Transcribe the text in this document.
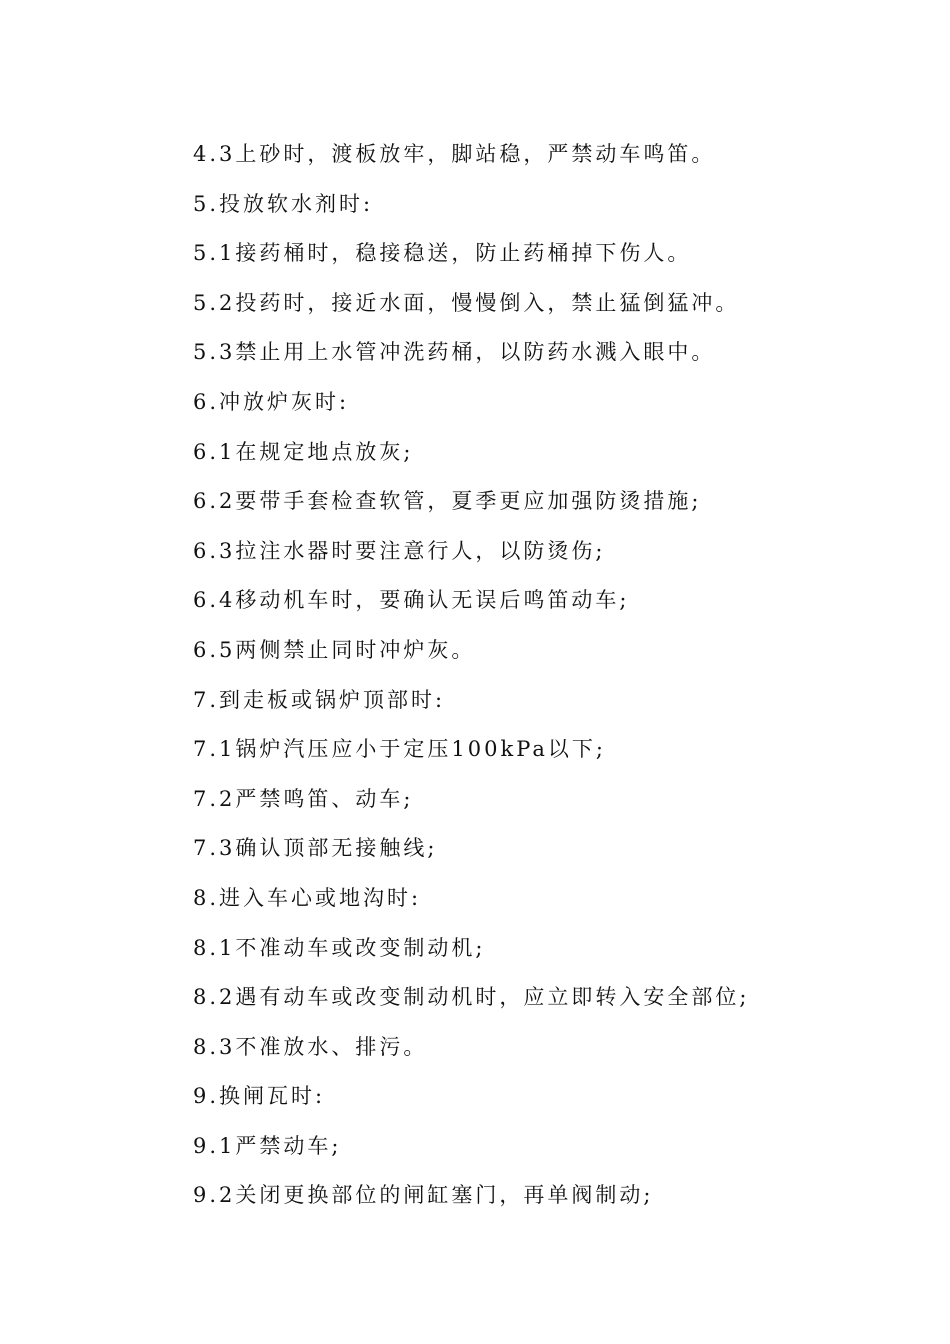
4.3上砂时，渡板放牢，脚站稳，严禁动车鸣笛。
5.投放软水剂时:
5.1接药桶时，稳接稳送，防止药桶掉下伤人。
5.2投药时，接近水面，慢慢倒入，禁止猛倒猛冲。
5.3禁止用上水管冲洗药桶，以防药水溅入眼中。
6.冲放炉灰时:
6.1在规定地点放灰;
6.2要带手套检查软管，夏季更应加强防烫措施;
6.3拉注水器时要注意行人，以防烫伤;
6.4移动机车时，要确认无误后鸣笛动车;
6.5两侧禁止同时冲炉灰。
7.到走板或锅炉顶部时:
7.1锅炉汽压应小于定压100kPa以下;
7.2严禁鸣笛、动车;
7.3确认顶部无接触线;
8.进入车心或地沟时:
8.1不准动车或改变制动机;
8.2遇有动车或改变制动机时，应立即转入安全部位;
8.3不准放水、排污。
9.换闸瓦时:
9.1严禁动车;
9.2关闭更换部位的闸缸塞门，再单阀制动;
